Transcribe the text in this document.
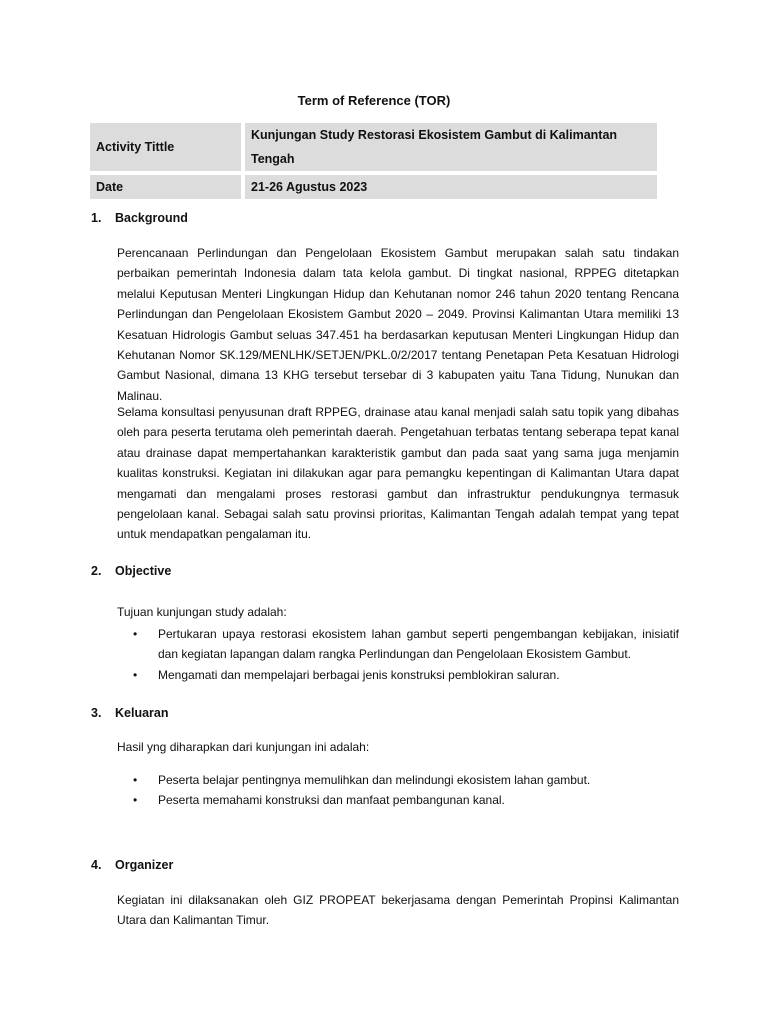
Term of Reference (TOR)
Activity Tittle	Kunjungan Study Restorasi Ekosistem Gambut di Kalimantan Tengah
Date	21-26 Agustus 2023
1.	Background
Perencanaan Perlindungan dan Pengelolaan Ekosistem Gambut merupakan salah satu tindakan perbaikan pemerintah Indonesia dalam tata kelola gambut. Di tingkat nasional, RPPEG ditetapkan melalui Keputusan Menteri Lingkungan Hidup dan Kehutanan nomor 246 tahun 2020 tentang Rencana Perlindungan dan Pengelolaan Ekosistem Gambut 2020 – 2049. Provinsi Kalimantan Utara memiliki 13 Kesatuan Hidrologis Gambut seluas 347.451 ha berdasarkan keputusan Menteri Lingkungan Hidup dan Kehutanan Nomor SK.129/MENLHK/SETJEN/PKL.0/2/2017 tentang Penetapan Peta Kesatuan Hidrologi Gambut Nasional, dimana 13 KHG tersebut tersebar di 3 kabupaten yaitu Tana Tidung, Nunukan dan Malinau.
Selama konsultasi penyusunan draft RPPEG, drainase atau kanal menjadi salah satu topik yang dibahas oleh para peserta terutama oleh pemerintah daerah. Pengetahuan terbatas tentang seberapa tepat kanal atau drainase dapat mempertahankan karakteristik gambut dan pada saat yang sama juga menjamin kualitas konstruksi. Kegiatan ini dilakukan agar para pemangku kepentingan di Kalimantan Utara dapat mengamati dan mengalami proses restorasi gambut dan infrastruktur pendukungnya termasuk pengelolaan kanal. Sebagai salah satu provinsi prioritas, Kalimantan Tengah adalah tempat yang tepat untuk mendapatkan pengalaman itu.
2.	Objective
Tujuan kunjungan study adalah:
• Pertukaran upaya restorasi ekosistem lahan gambut seperti pengembangan kebijakan, inisiatif dan kegiatan lapangan dalam rangka Perlindungan dan Pengelolaan Ekosistem Gambut.
• Mengamati dan mempelajari berbagai jenis konstruksi pemblokiran saluran.
3.	Keluaran
Hasil yng diharapkan dari kunjungan ini adalah:
• Peserta belajar pentingnya memulihkan dan melindungi ekosistem lahan gambut.
• Peserta memahami konstruksi dan manfaat pembangunan kanal.
4.	Organizer
Kegiatan ini dilaksanakan oleh GIZ PROPEAT bekerjasama dengan Pemerintah Propinsi Kalimantan Utara dan Kalimantan Timur.
